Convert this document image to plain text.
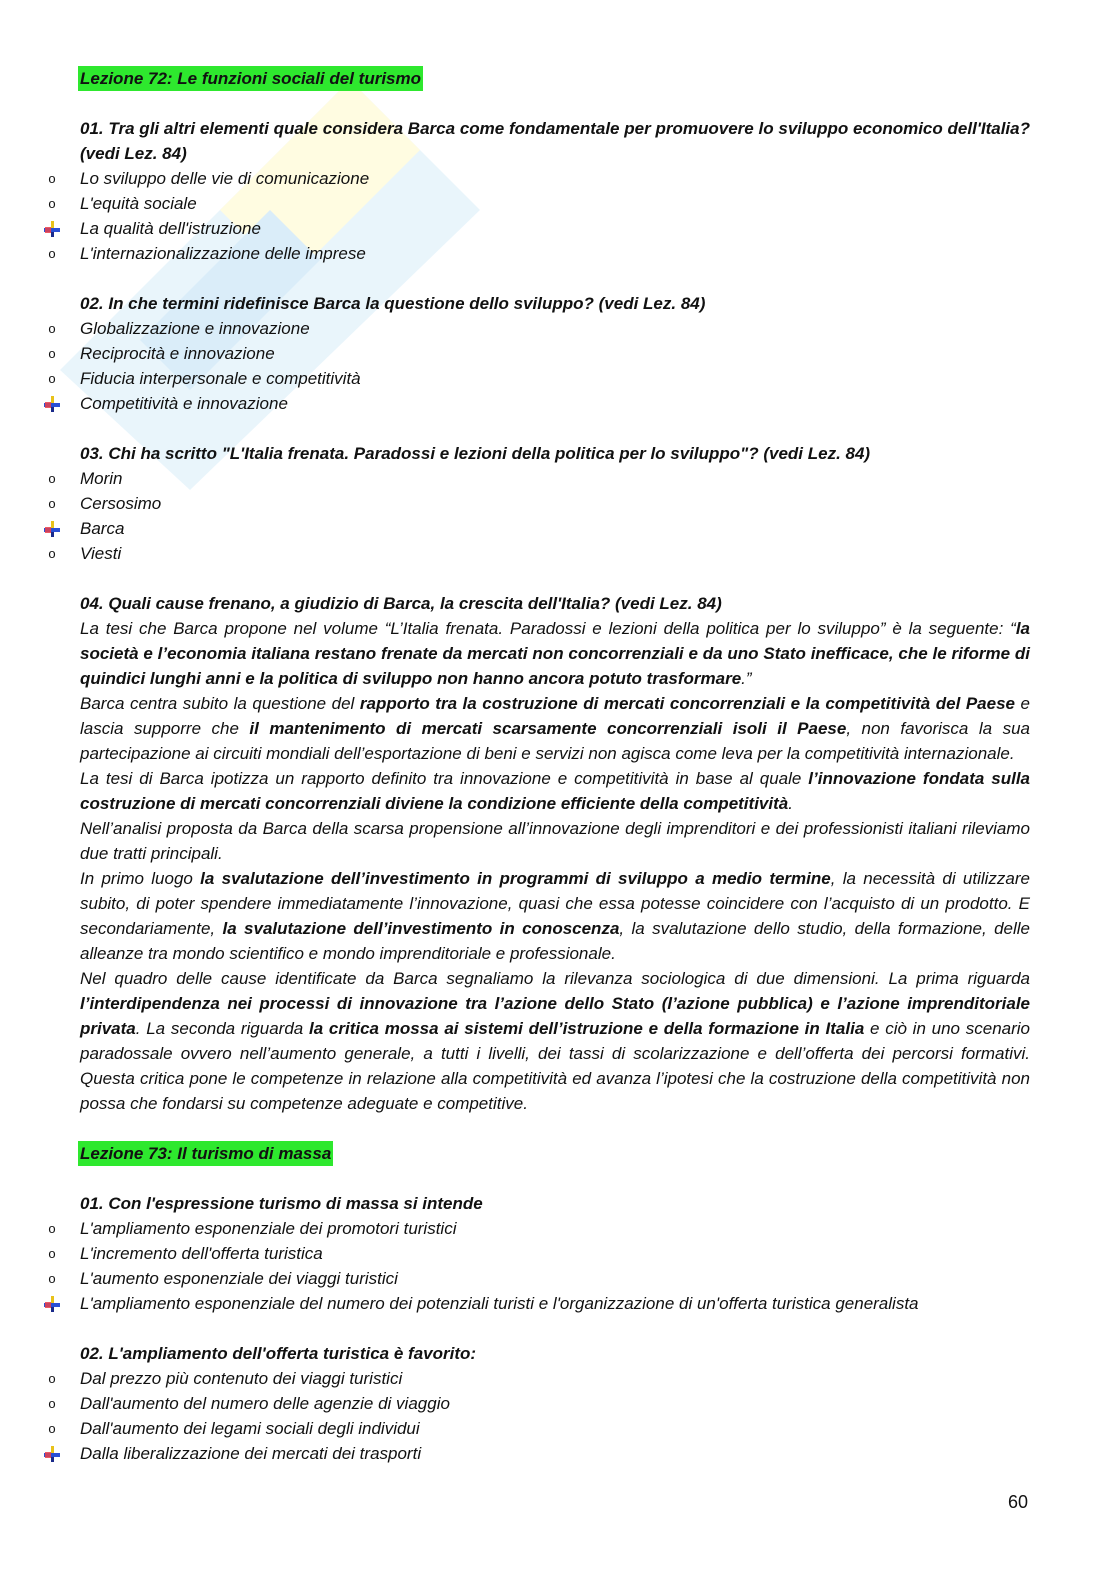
Lezione 72: Le funzioni sociali del turismo
01. Tra gli altri elementi quale considera Barca come fondamentale per promuovere lo sviluppo economico dell'Italia? (vedi Lez. 84)
o	Lo sviluppo delle vie di comunicazione
o	L'equità sociale
La qualità dell'istruzione
o	L'internazionalizzazione delle imprese
02. In che termini ridefinisce Barca la questione dello sviluppo? (vedi Lez. 84)
o	Globalizzazione e innovazione
o	Reciprocità e innovazione
o	Fiducia interpersonale e competitività
Competitività e innovazione
03. Chi ha scritto "L'Italia frenata. Paradossi e lezioni della politica per lo sviluppo"? (vedi Lez. 84)
o	Morin
o	Cersosimo
Barca
o	Viesti
04. Quali cause frenano, a giudizio di Barca, la crescita dell'Italia? (vedi Lez. 84)

La tesi che Barca propone nel volume “L’Italia frenata. Paradossi e lezioni della politica per lo sviluppo” è la seguente: “la società e l’economia italiana restano frenate da mercati non concorrenziali e da uno Stato inefficace, che le riforme di quindici lunghi anni e la politica di sviluppo non hanno ancora potuto trasformare.”

Barca centra subito la questione del rapporto tra la costruzione di mercati concorrenziali e la competitività del Paese e lascia supporre che il mantenimento di mercati scarsamente concorrenziali isoli il Paese, non favorisca la sua partecipazione ai circuiti mondiali dell’esportazione di beni e servizi non agisca come leva per la competitività internazionale.

La tesi di Barca ipotizza un rapporto definito tra innovazione e competitività in base al quale l’innovazione fondata sulla costruzione di mercati concorrenziali diviene la condizione efficiente della competitività.

Nell’analisi proposta da Barca della scarsa propensione all’innovazione degli imprenditori e dei professionisti italiani rileviamo due tratti principali.

In primo luogo la svalutazione dell’investimento in programmi di sviluppo a medio termine, la necessità di utilizzare subito, di poter spendere immediatamente l’innovazione, quasi che essa potesse coincidere con l’acquisto di un prodotto. E secondariamente, la svalutazione dell’investimento in conoscenza, la svalutazione dello studio, della formazione, delle alleanze tra mondo scientifico e mondo imprenditoriale e professionale.

Nel quadro delle cause identificate da Barca segnaliamo la rilevanza sociologica di due dimensioni. La prima riguarda l’interdipendenza nei processi di innovazione tra l’azione dello Stato (l’azione pubblica) e l’azione imprenditoriale privata. La seconda riguarda la critica mossa ai sistemi dell’istruzione e della formazione in Italia e ciò in uno scenario paradossale ovvero nell’aumento generale, a tutti i livelli, dei tassi di scolarizzazione e dell’offerta dei percorsi formativi. Questa critica pone le competenze in relazione alla competitività ed avanza l’ipotesi che la costruzione della competitività non possa che fondarsi su competenze adeguate e competitive.

Lezione 73: Il turismo di massa
01. Con l'espressione turismo di massa si intende
o	L'ampliamento esponenziale dei promotori turistici
o	L'incremento dell'offerta turistica
o	L'aumento esponenziale dei viaggi turistici
L'ampliamento esponenziale del numero dei potenziali turisti e l'organizzazione di un'offerta turistica generalista
02. L'ampliamento dell'offerta turistica è favorito:
o	Dal prezzo più contenuto dei viaggi turistici
o	Dall'aumento del numero delle agenzie di viaggio
o	Dall'aumento dei legami sociali degli individui
Dalla liberalizzazione dei mercati dei trasporti
60
